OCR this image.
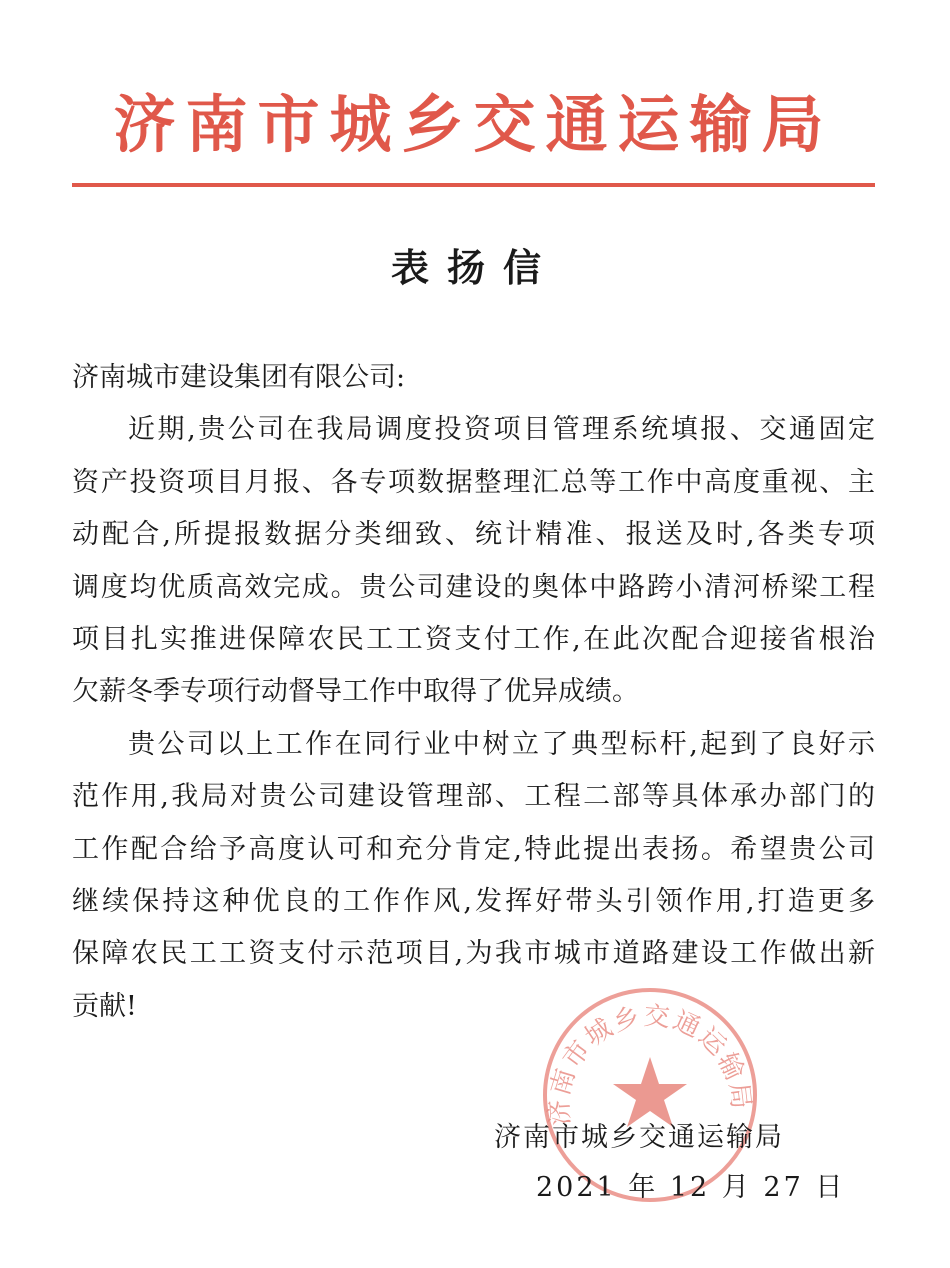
济南市城乡交通运输局
表扬信
济南城市建设集团有限公司:
近期,贵公司在我局调度投资项目管理系统填报、交通固定
资产投资项目月报、各专项数据整理汇总等工作中高度重视、主
动配合,所提报数据分类细致、统计精准、报送及时,各类专项
调度均优质高效完成。贵公司建设的奥体中路跨小清河桥梁工程
项目扎实推进保障农民工工资支付工作,在此次配合迎接省根治
欠薪冬季专项行动督导工作中取得了优异成绩。
贵公司以上工作在同行业中树立了典型标杆,起到了良好示
范作用,我局对贵公司建设管理部、工程二部等具体承办部门的
工作配合给予高度认可和充分肯定,特此提出表扬。希望贵公司
继续保持这种优良的工作作风,发挥好带头引领作用,打造更多
保障农民工工资支付示范项目,为我市城市道路建设工作做出新
贡献!
济南市城乡交通运输局
济南市城乡交通运输局
2021 年 12 月 27 日
